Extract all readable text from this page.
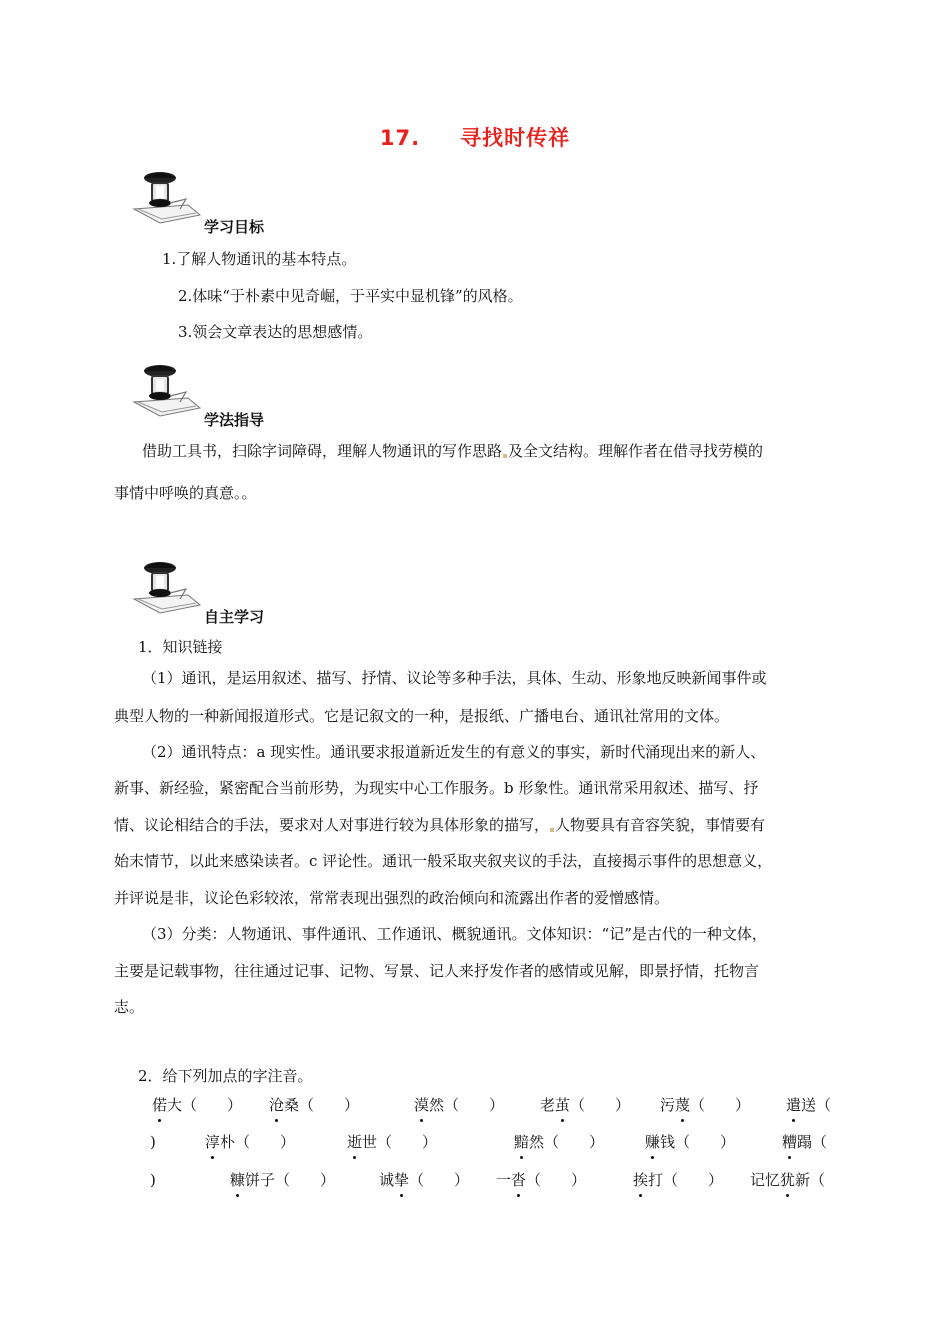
17. 寻找时传祥
学习目标
1.了解人物通讯的基本特点。
2.体味“于朴素中见奇崛，于平实中显机锋”的风格。
3.领会文章表达的思想感情。
学法指导
借助工具书，扫除字词障碍，理解人物通讯的写作思路 及全文结构。理解作者在借寻找劳模的
事情中呼唤的真意。。
自主学习
1．知识链接
（1）通讯，是运用叙述、描写、抒情、议论等多种手法，具体、生动、形象地反映新闻事件或
典型人物的一种新闻报道形式。它是记叙文的一种，是报纸、广播电台、通讯社常用的文体。
（2）通讯特点：a 现实性。通讯要求报道新近发生的有意义的事实，新时代涌现出来的新人、
新事、新经验，紧密配合当前形势，为现实中心工作服务。b 形象性。通讯常采用叙述、描写、抒
情、议论相结合的手法，要求对人对事进行较为具体形象的描写， 人物要具有音容笑貌，事情要有
始末情节，以此来感染读者。c 评论性。通讯一般采取夹叙夹议的手法，直接揭示事件的思想意义，
并评说是非，议论色彩较浓，常常表现出强烈的政治倾向和流露出作者的爱憎感情。
（3）分类：人物通讯、事件通讯、工作通讯、概貌通讯。文体知识：“记”是古代的一种文体，
主要是记载事物，往往通过记事、记物、写景、记人来抒发作者的感情或见解，即景抒情，托物言
志。
2．给下列加点的字注音。
偌大（　　） 沧桑（　　）	漠然（　　） 老茧（　　） 污蔑（　　） 遣送（
)	淳朴（　　）	逝世（　　）	黯然（　　）	赚钱（　　）	糟蹋（
)	糠饼子（　　）	诚挚（　　） 一沓（　　）	挨打（　　） 记忆犹新（
